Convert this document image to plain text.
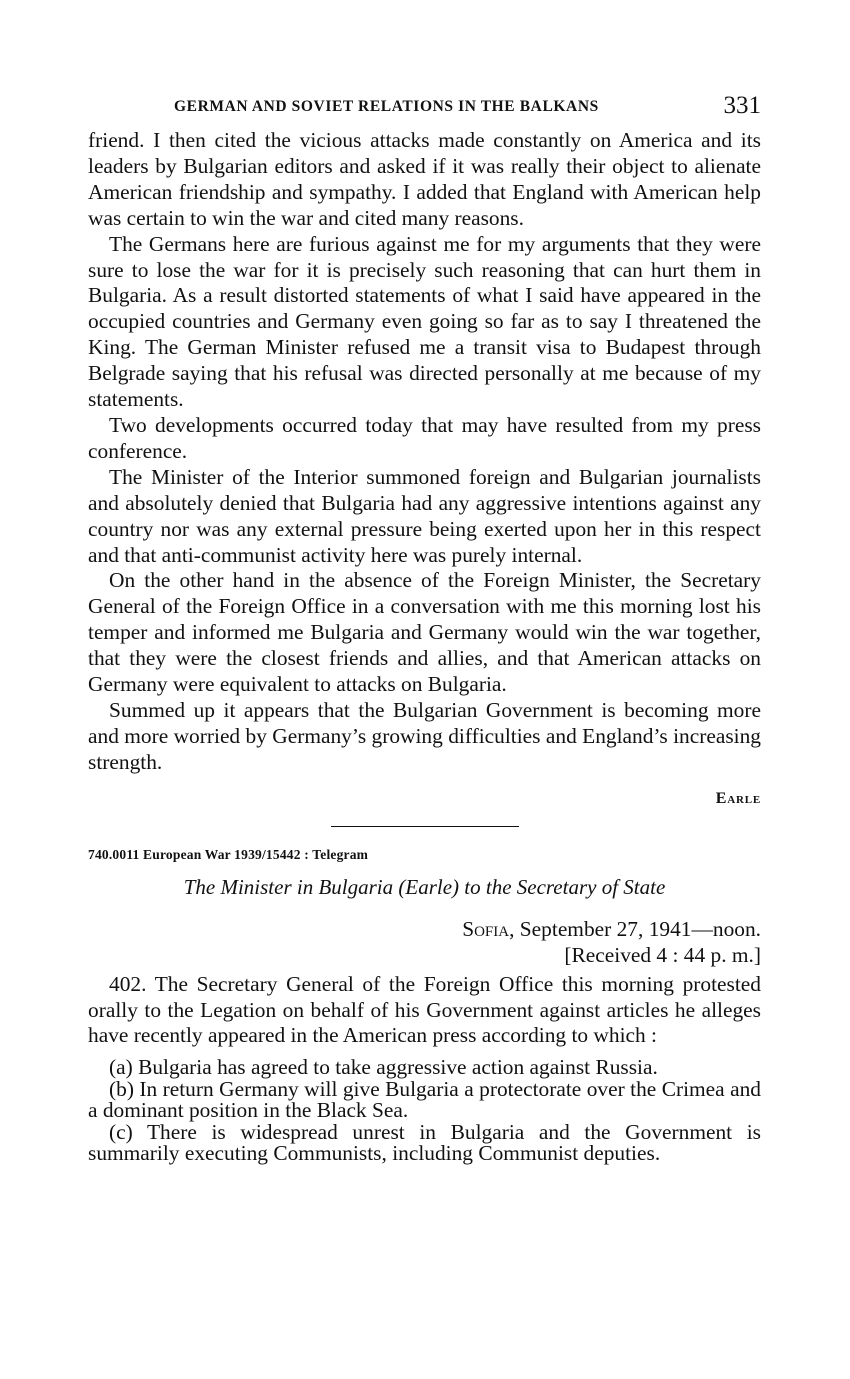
GERMAN AND SOVIET RELATIONS IN THE BALKANS	331

friend. I then cited the vicious attacks made constantly on America and its leaders by Bulgarian editors and asked if it was really their object to alienate American friendship and sympathy. I added that England with American help was certain to win the war and cited many reasons.

The Germans here are furious against me for my arguments that they were sure to lose the war for it is precisely such reasoning that can hurt them in Bulgaria. As a result distorted statements of what I said have appeared in the occupied countries and Germany even going so far as to say I threatened the King. The German Minister refused me a transit visa to Budapest through Belgrade saying that his refusal was directed personally at me because of my statements.

Two developments occurred today that may have resulted from my press conference.

The Minister of the Interior summoned foreign and Bulgarian journalists and absolutely denied that Bulgaria had any aggressive intentions against any country nor was any external pressure being exerted upon her in this respect and that anti-communist activity here was purely internal.

On the other hand in the absence of the Foreign Minister, the Secretary General of the Foreign Office in a conversation with me this morning lost his temper and informed me Bulgaria and Germany would win the war together, that they were the closest friends and allies, and that American attacks on Germany were equivalent to attacks on Bulgaria.

Summed up it appears that the Bulgarian Government is becoming more and more worried by Germany’s growing difficulties and England’s increasing strength.

Earle
740.0011 European War 1939/15442 : Telegram
The Minister in Bulgaria (Earle) to the Secretary of State
Sofia, September 27, 1941—noon.
[Received 4 : 44 p. m.]

402. The Secretary General of the Foreign Office this morning protested orally to the Legation on behalf of his Government against articles he alleges have recently appeared in the American press according to which :

(a) Bulgaria has agreed to take aggressive action against Russia.

(b) In return Germany will give Bulgaria a protectorate over the Crimea and a dominant position in the Black Sea.

(c) There is widespread unrest in Bulgaria and the Government is summarily executing Communists, including Communist deputies.
